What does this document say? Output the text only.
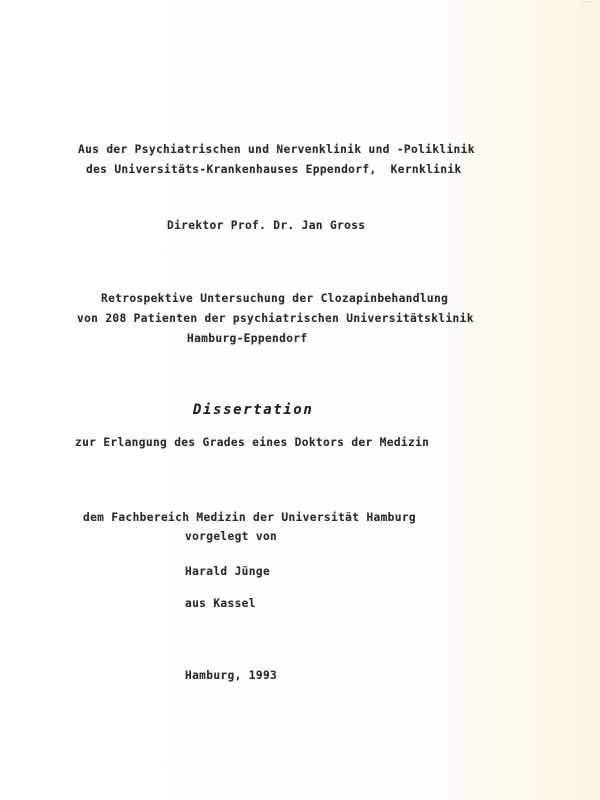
⁀
Aus der Psychiatrischen und Nervenklinik und -Poliklinik
des Universitäts-Krankenhauses Eppendorf,  Kernklinik
Direktor Prof. Dr. Jan Gross
Retrospektive Untersuchung der Clozapinbehandlung
von 208 Patienten der psychiatrischen Universitätsklinik
Hamburg-Eppendorf
Dissertation
zur Erlangung des Grades eines Doktors der Medizin
dem Fachbereich Medizin der Universität Hamburg
vorgelegt von
Harald Jünge
aus Kassel
Hamburg, 1993
